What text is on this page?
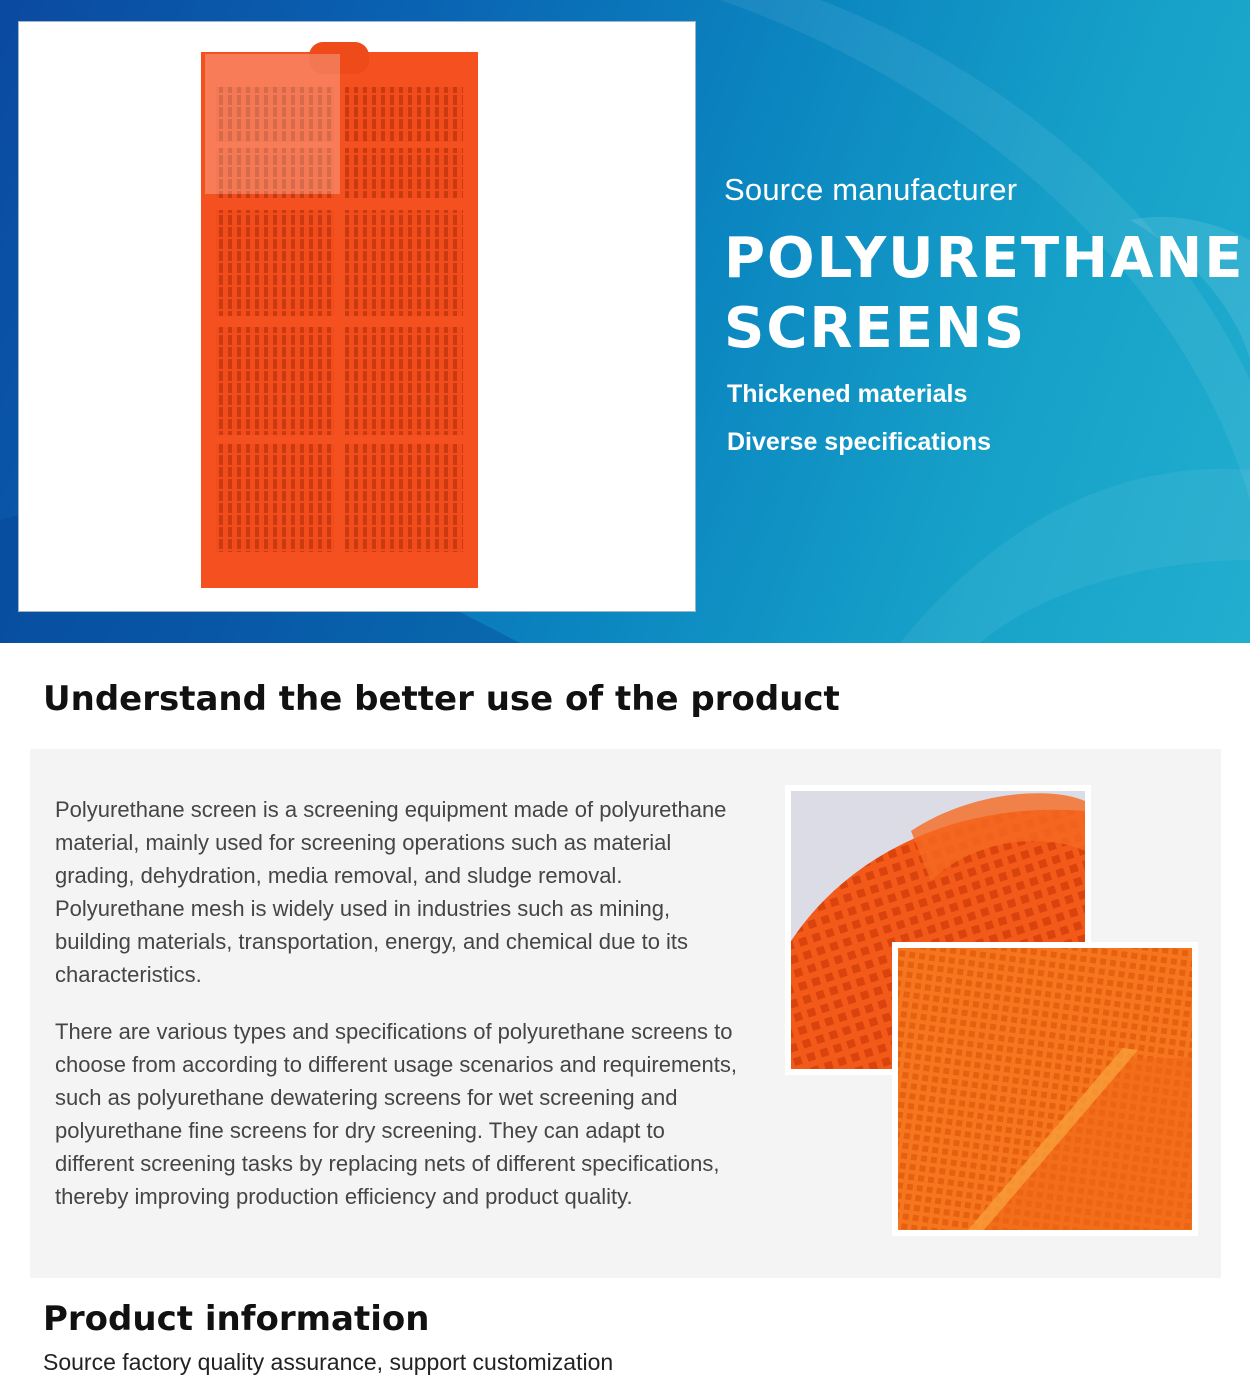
Source manufacturer
POLYURETHANE
SCREENS
Thickened materials
Diverse specifications
Understand the better use of the product

Polyurethane screen is a screening equipment made of polyurethane material, mainly used for screening operations such as material grading, dehydration, media removal, and sludge removal. Polyurethane mesh is widely used in industries such as mining, building materials, transportation, energy, and chemical due to its characteristics.

There are various types and specifications of polyurethane screens to choose from according to different usage scenarios and requirements, such as polyurethane dewatering screens for wet screening and polyurethane fine screens for dry screening. They can adapt to different screening tasks by replacing nets of different specifications, thereby improving production efficiency and product quality.

Product information
Source factory quality assurance, support customization
